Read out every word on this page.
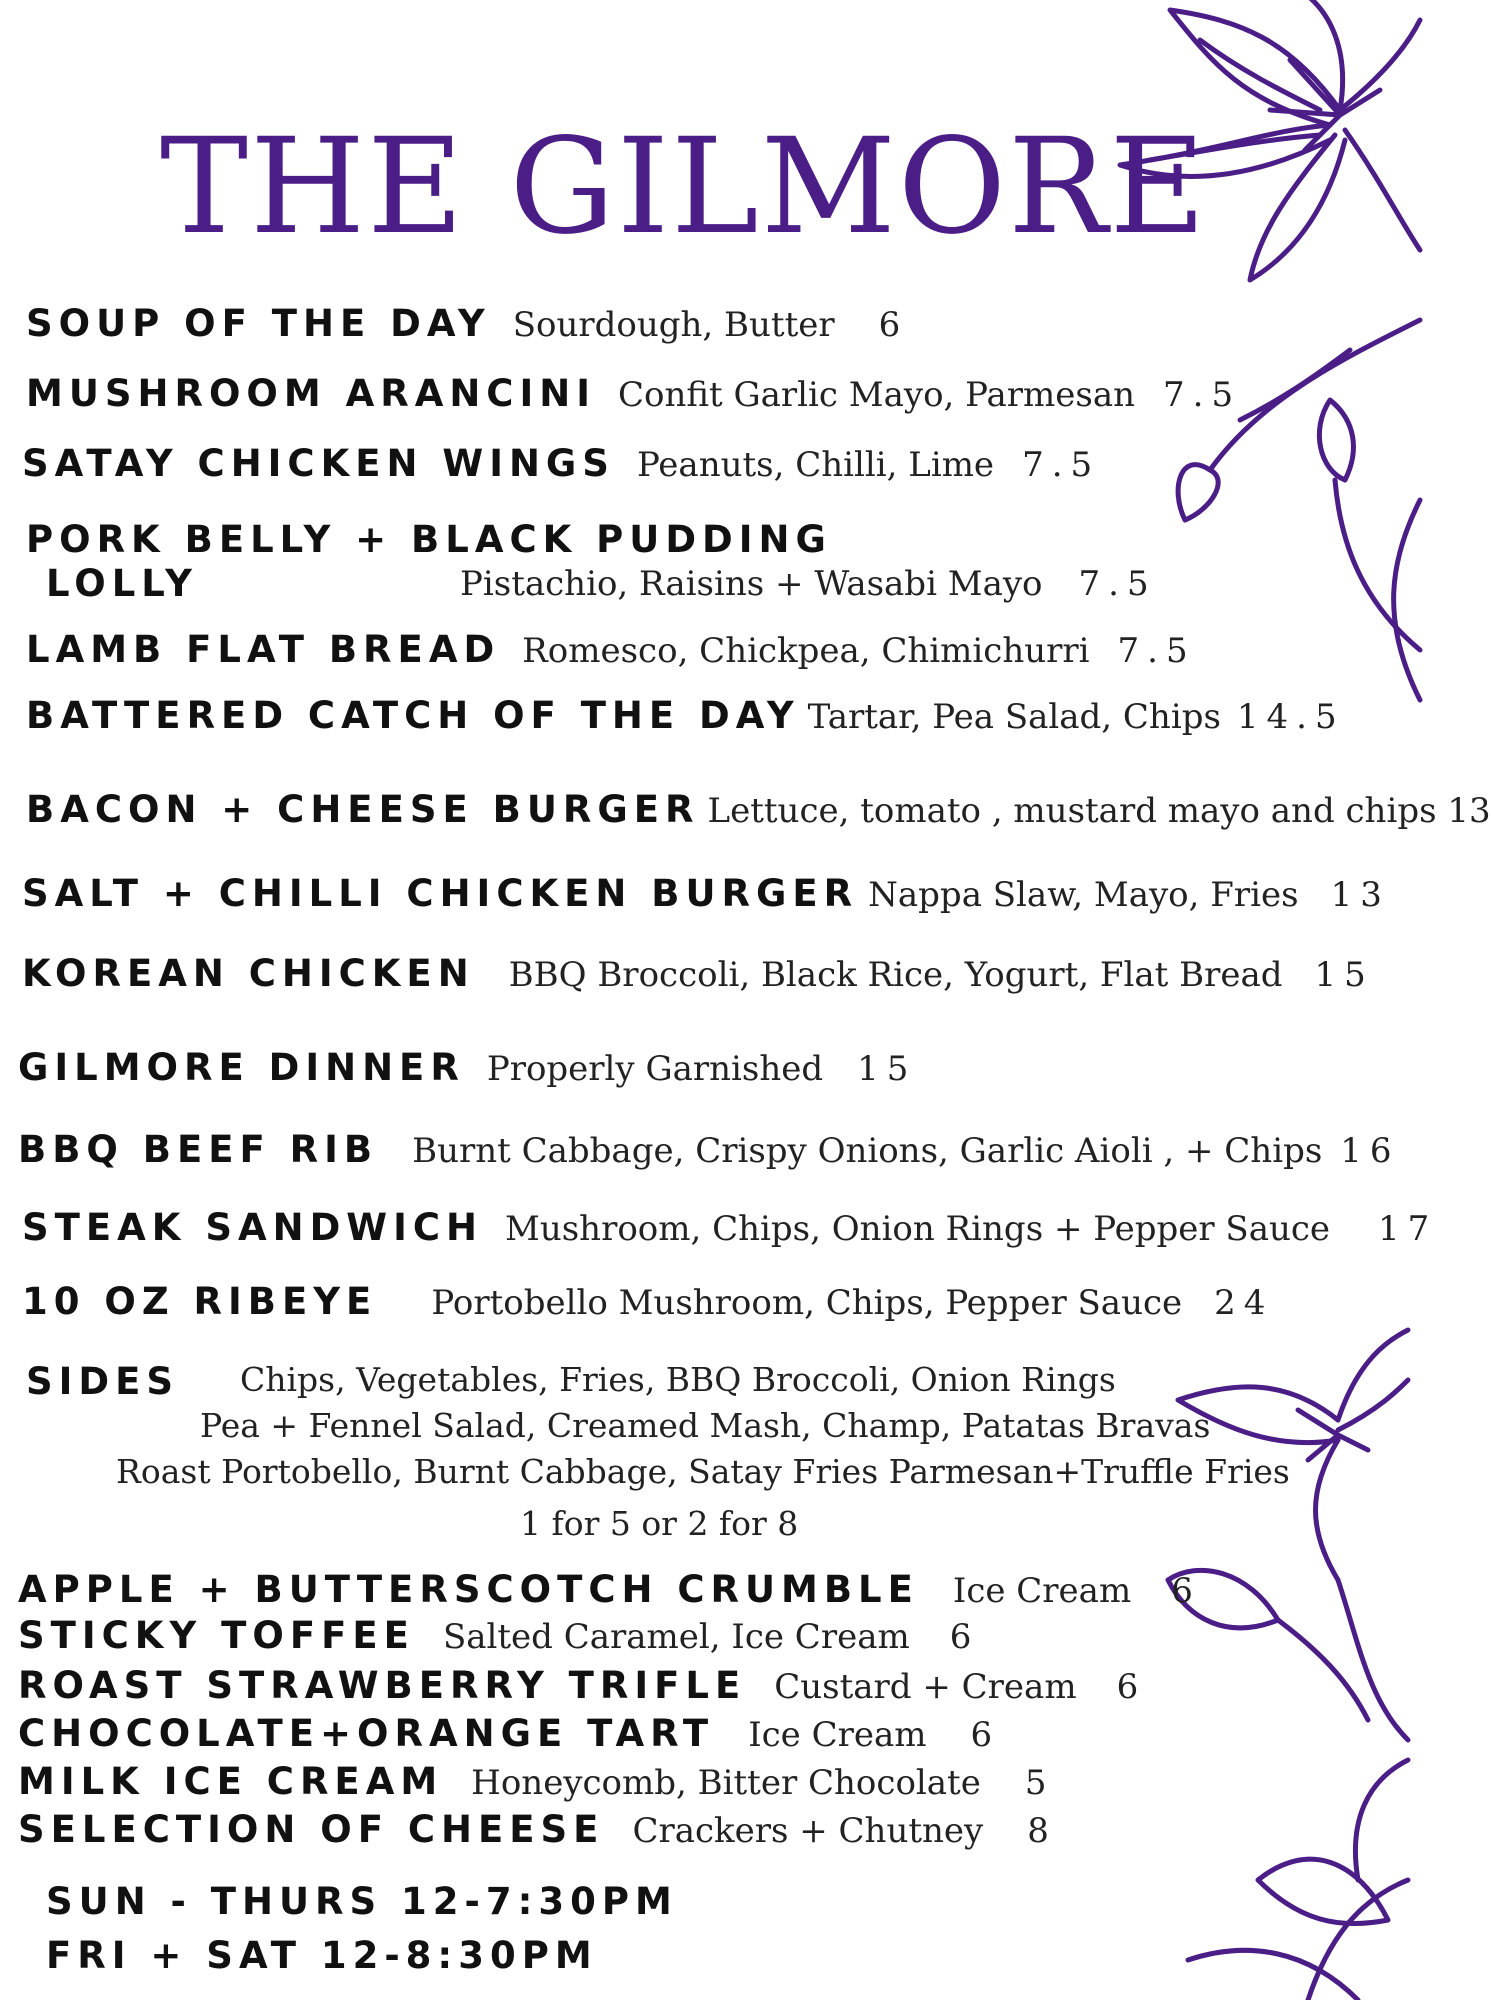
THE GILMORE
SOUP OF THE DAY Sourdough, Butter 6
MUSHROOM ARANCINI Confit Garlic Mayo, Parmesan 7.5
SATAY CHICKEN WINGS Peanuts, Chilli, Lime 7.5
PORK BELLY + BLACK PUDDING
LOLLY	Pistachio, Raisins + Wasabi Mayo 7.5
LAMB FLAT BREAD Romesco, Chickpea, Chimichurri 7.5
BATTERED CATCH OF THE DAY Tartar, Pea Salad, Chips 14.5
BACON + CHEESE BURGER Lettuce, tomato , mustard mayo and chips 13
SALT + CHILLI CHICKEN BURGER Nappa Slaw, Mayo, Fries 13
KOREAN CHICKEN BBQ Broccoli, Black Rice, Yogurt, Flat Bread 15
GILMORE DINNER Properly Garnished 15
BBQ BEEF RIB Burnt Cabbage, Crispy Onions, Garlic Aioli , + Chips 16
STEAK SANDWICH Mushroom, Chips, Onion Rings + Pepper Sauce 17
10 OZ RIBEYE Portobello Mushroom, Chips, Pepper Sauce 24
SIDES Chips, Vegetables, Fries, BBQ Broccoli, Onion Rings
Pea + Fennel Salad, Creamed Mash, Champ, Patatas Bravas
Roast Portobello, Burnt Cabbage, Satay Fries Parmesan+Truffle Fries
1 for 5 or 2 for 8
APPLE + BUTTERSCOTCH CRUMBLE Ice Cream 6
STICKY TOFFEE Salted Caramel, Ice Cream 6
ROAST STRAWBERRY TRIFLE Custard + Cream 6
CHOCOLATE+ORANGE TART Ice Cream 6
MILK ICE CREAM Honeycomb, Bitter Chocolate 5
SELECTION OF CHEESE Crackers + Chutney 8
SUN - THURS 12-7:30PM
FRI + SAT 12-8:30PM
